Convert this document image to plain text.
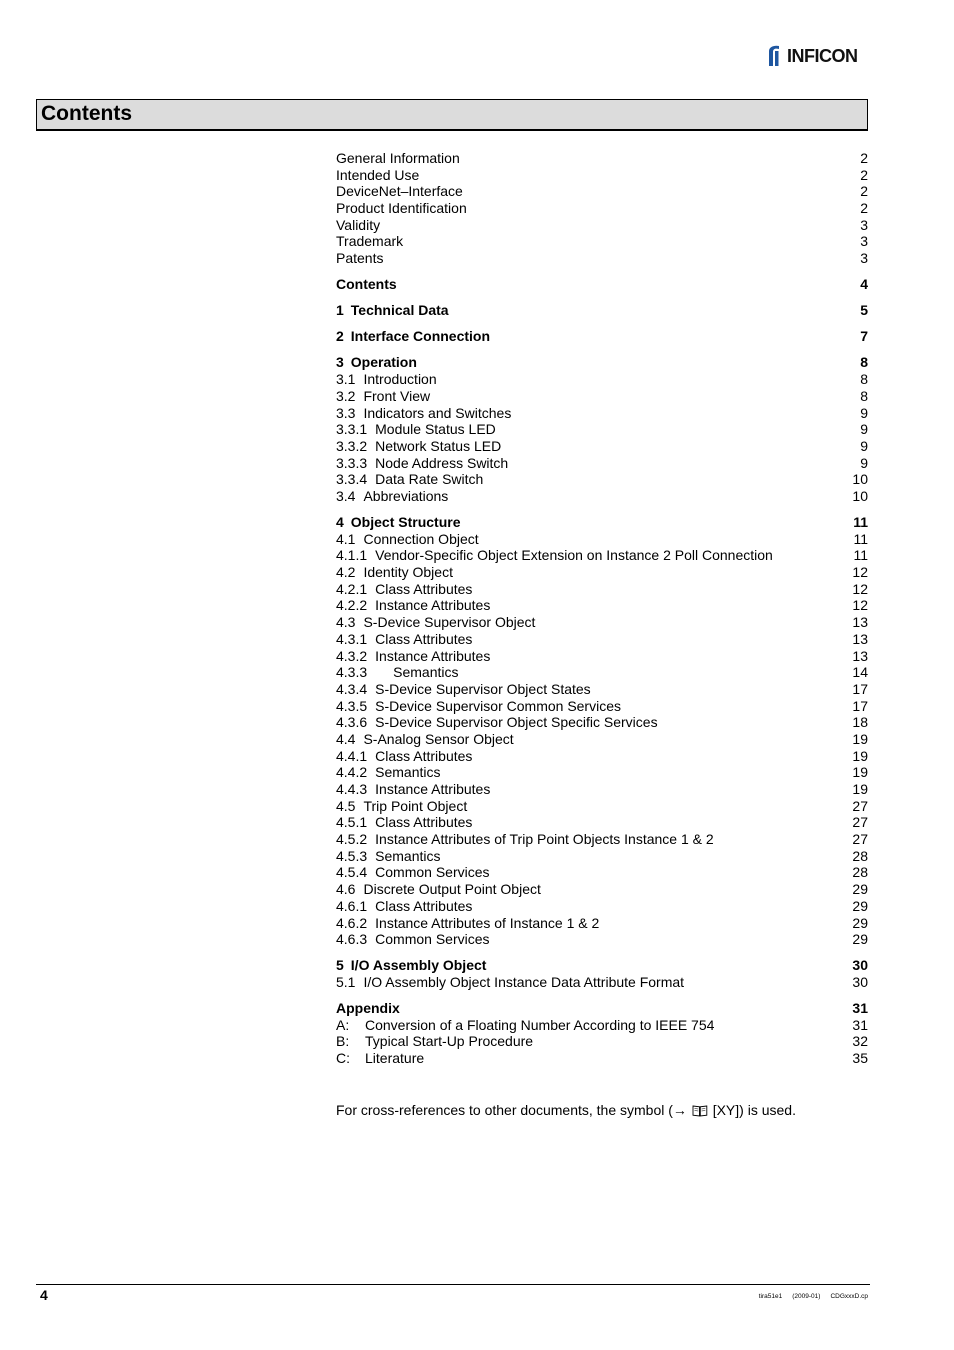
INFICON
Contents
General Information	2
Intended Use	2
DeviceNet–Interface	2
Product Identification	2
Validity	3
Trademark	3
Patents	3
Contents	4
1 Technical Data	5
2 Interface Connection	7
3 Operation	8
3.1 Introduction	8
3.2 Front View	8
3.3 Indicators and Switches	9
3.3.1 Module Status LED	9
3.3.2 Network Status LED	9
3.3.3 Node Address Switch	9
3.3.4 Data Rate Switch	10
3.4 Abbreviations	10
4 Object Structure	11
4.1 Connection Object	11
4.1.1 Vendor-Specific Object Extension on Instance 2 Poll Connection	11
4.2 Identity Object	12
4.2.1 Class Attributes	12
4.2.2 Instance Attributes	12
4.3 S-Device Supervisor Object	13
4.3.1 Class Attributes	13
4.3.2 Instance Attributes	13
4.3.3 Semantics	14
4.3.4 S-Device Supervisor Object States	17
4.3.5 S-Device Supervisor Common Services	17
4.3.6 S-Device Supervisor Object Specific Services	18
4.4 S-Analog Sensor Object	19
4.4.1 Class Attributes	19
4.4.2 Semantics	19
4.4.3 Instance Attributes	19
4.5 Trip Point Object	27
4.5.1 Class Attributes	27
4.5.2 Instance Attributes of Trip Point Objects Instance 1 & 2	27
4.5.3 Semantics	28
4.5.4 Common Services	28
4.6 Discrete Output Point Object	29
4.6.1 Class Attributes	29
4.6.2 Instance Attributes of Instance 1 & 2	29
4.6.3 Common Services	29
5 I/O Assembly Object	30
5.1 I/O Assembly Object Instance Data Attribute Format	30
Appendix	31
A: Conversion of a Floating Number According to IEEE 754	31
B: Typical Start-Up Procedure	32
C: Literature	35
For cross-references to other documents, the symbol (→  [XY]) is used.
4	tira51e1 (2009-01) CDGxxxD.cp
